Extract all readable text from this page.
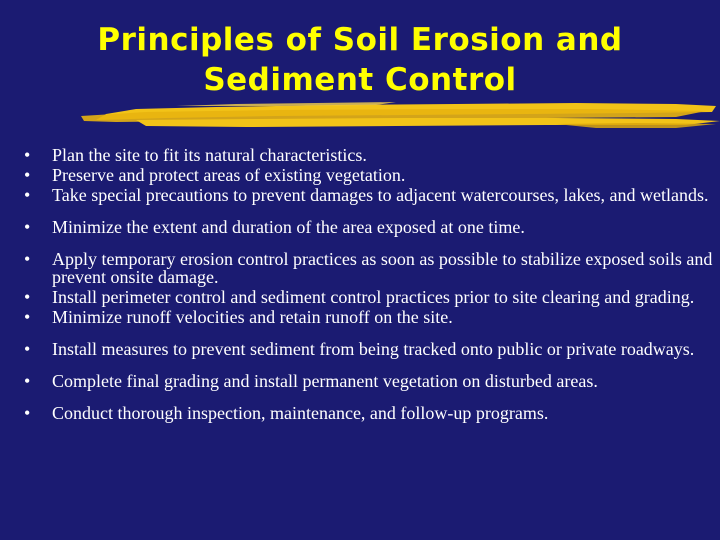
Principles of Soil Erosion and
Sediment Control
•	Plan the site to fit its natural characteristics.
•	Preserve and protect areas of existing vegetation.
•	Take special precautions to prevent damages to adjacent watercourses, lakes, and wetlands.
•	Minimize the extent and duration of the area exposed at one time.
•	Apply temporary erosion control practices as soon as possible to stabilize exposed soils and prevent onsite damage.
•	Install perimeter control and sediment control practices prior to site clearing and grading.
•	Minimize runoff velocities and retain runoff on the site.
•	Install measures to prevent sediment from being tracked onto public or private roadways.
•	Complete final grading and install permanent vegetation on disturbed areas.
•	Conduct thorough inspection, maintenance, and follow-up programs.
